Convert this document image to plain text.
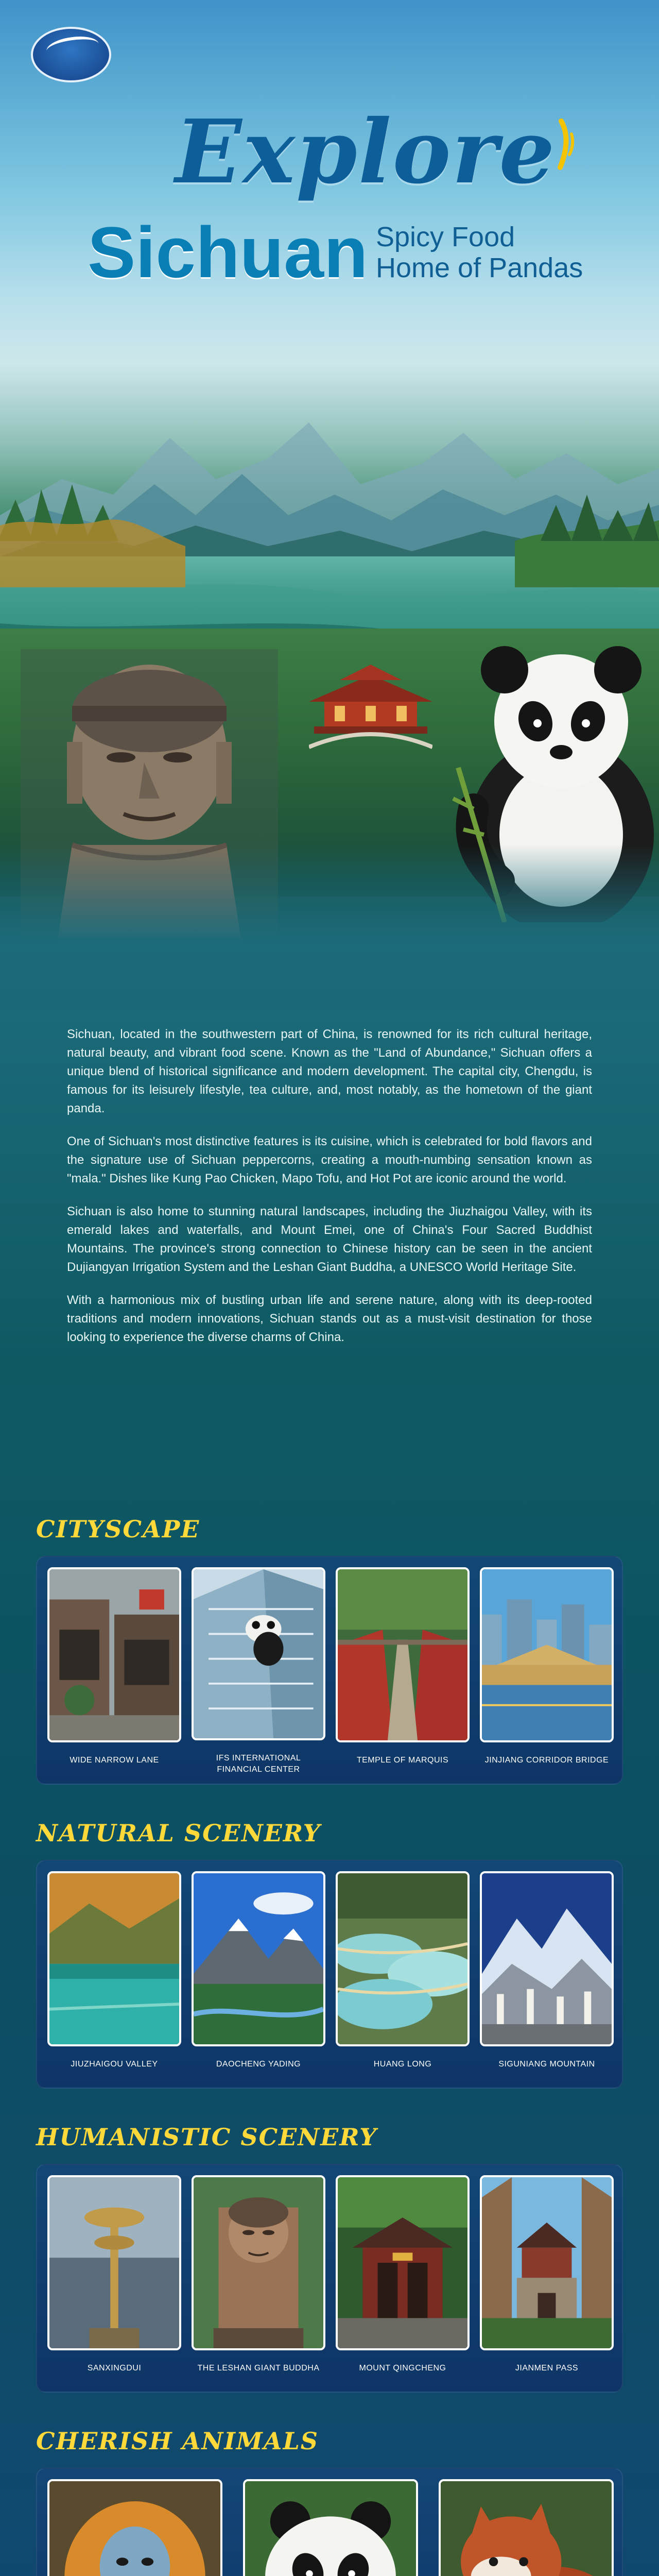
Explore
Sichuan Spicy Food
Home of Pandas

Sichuan, located in the southwestern part of China, is renowned for its rich cultural heritage, natural beauty, and vibrant food scene. Known as the "Land of Abundance," Sichuan offers a unique blend of historical significance and modern development. The capital city, Chengdu, is famous for its leisurely lifestyle, tea culture, and, most notably, as the hometown of the giant panda.

One of Sichuan's most distinctive features is its cuisine, which is celebrated for bold flavors and the signature use of Sichuan peppercorns, creating a mouth-numbing sensation known as "mala." Dishes like Kung Pao Chicken, Mapo Tofu, and Hot Pot are iconic around the world.

Sichuan is also home to stunning natural landscapes, including the Jiuzhaigou Valley, with its emerald lakes and waterfalls, and Mount Emei, one of China's Four Sacred Buddhist Mountains. The province's strong connection to Chinese history can be seen in the ancient Dujiangyan Irrigation System and the Leshan Giant Buddha, a UNESCO World Heritage Site.

With a harmonious mix of bustling urban life and serene nature, along with its deep-rooted traditions and modern innovations, Sichuan stands out as a must-visit destination for those looking to experience the diverse charms of China.

CITYSCAPE
WIDE NARROW LANE	IFS INTERNATIONAL
FINANCIAL CENTER
TEMPLE OF MARQUIS	JINJIANG CORRIDOR BRIDGE
NATURAL SCENERY
JIUZHAIGOU VALLEY	DAOCHENG YADING	HUANG LONG	SIGUNIANG MOUNTAIN
HUMANISTIC SCENERY
SANXINGDUI	THE LESHAN GIANT BUDDHA	MOUNT QINGCHENG	JIANMEN PASS
CHERISH ANIMALS
